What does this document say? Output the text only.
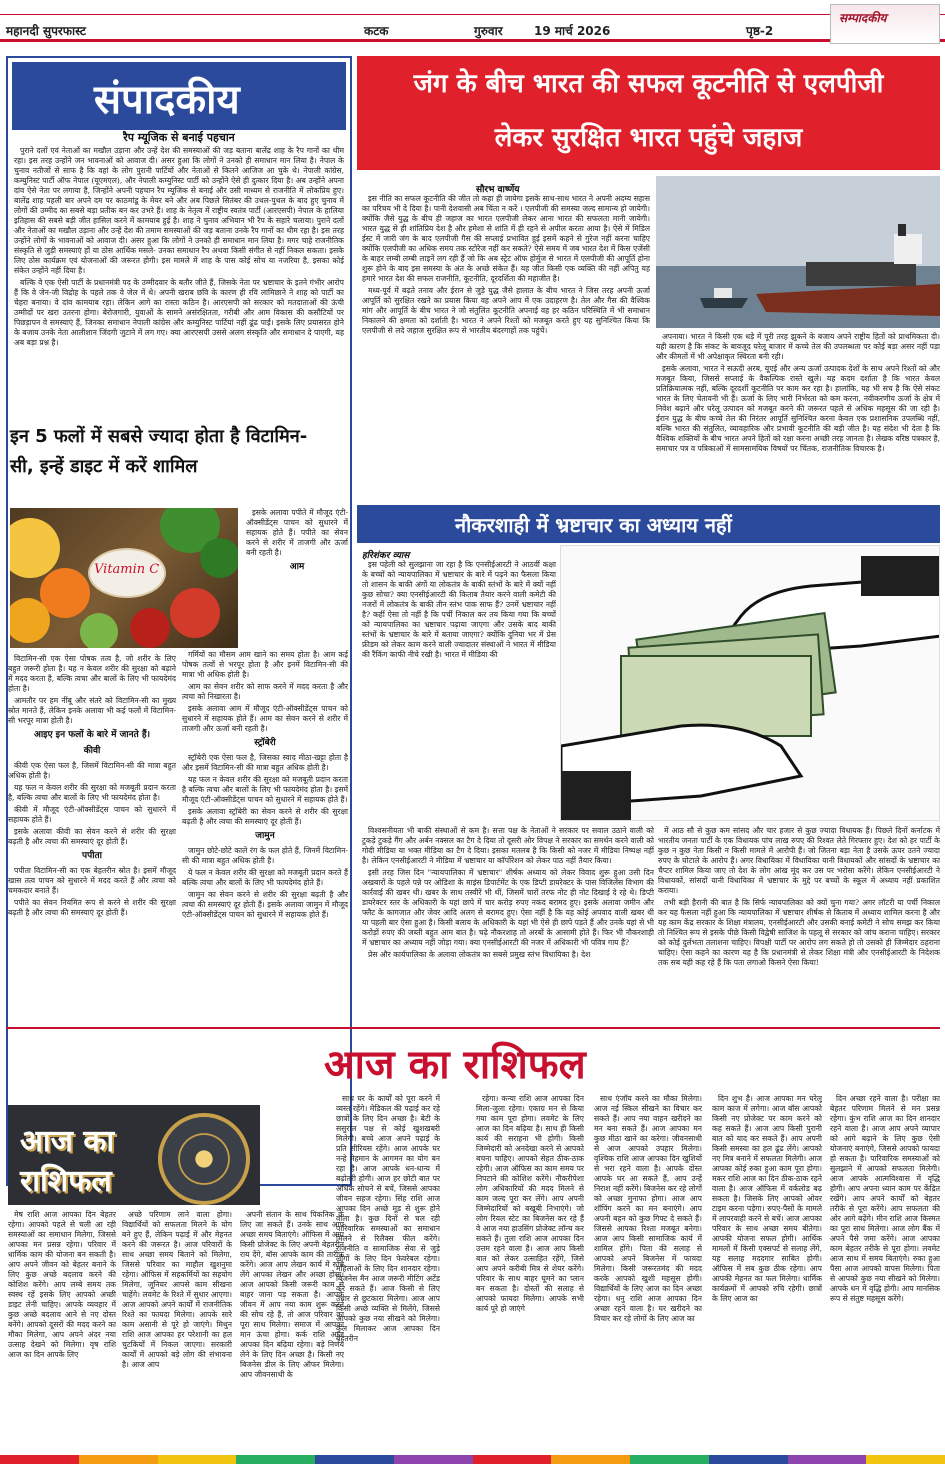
महानदी सुपरफास्ट	कटक	गुरुवार	19 मार्च 2026	पृष्ठ-2
सम्पादकीय
संपादकीय
रैप म्यूजिक से बनाई पहचान

पुराने दलों एवं नेताओं का मखौल उड़ाना और उन्हें देश की समस्याओं की जड़ बताना बालेंद्र शाह के रैप गानों का थीम रहा। इस तरह उन्होंने जन भावनाओं को आवाज दी। असर हुआ कि लोगों ने उनको ही समाधान मान लिया है। नेपाल के चुनाव नतीजों से साफ है कि वहां के लोग पुरानी पार्टियों और नेताओं से कितने आजिज आ चुके थे। नेपाली कांग्रेस, कम्युनिस्ट पार्टी ऑफ नेपाल (यूएमएल), और नेपाली कम्युनिस्ट पार्टी को उन्होंने ऐसे ही दुत्कार दिया है। अब उन्होंने अपना दांव ऐसे नेता पर लगाया है, जिन्होंने अपनी पहचान रैप म्यूजिक से बनाई और उसी माध्यम से राजनीति में लोकप्रिय हुए। बालेंद्र शाह पहली बार अपने दम पर काठमांडू के मेयर बने और अब पिछले सितंबर की उथल-पुथल के बाद हुए चुनाव में लोगों की उम्मीद का सबसे बड़ा प्रतीक बन कर उभरे हैं। शाह के नेतृत्व में राष्ट्रीय स्वतंत्र पार्टी (आरएसपी) नेपाल के हालिया इतिहास की सबसे बड़ी जीत हासिल करने में कामयाब हुई है। शाह ने चुनाव अभियान भी रैप के सहारे चलाया। पुराने दलों और नेताओं का मखौल उड़ाना और उन्हें देश की तमाम समस्याओं की जड़ बताना उनके रैप गानों का थीम रहा है। इस तरह उन्होंने लोगों के भावनाओं को आवाज दी। असर हुआ कि लोगों ने उनको ही समाधान मान लिया है। मगर चाहे राजनीतिक संस्कृति से जुड़ी समस्याएं हों या ठोस आर्थिक मसले- उनका समाधान रैप अथवा किसी संगीत से नहीं निकल सकता। इसके लिए ठोस कार्यक्रम एवं योजनाओं की जरूरत होगी। इस मामले में शाह के पास कोई सोच या नजरिया है, इसका कोई संकेत उन्होंने नहीं दिया है।

बल्कि वे एक ऐसी पार्टी के प्रधानमंत्री पद के उम्मीदवार के बतौर जीते हैं, जिसके नेता पर भ्रष्टाचार के इतने गंभीर आरोप हैं कि वे जेन-जी विद्रोह के पहले तक वे जेल में थे। अपनी खराब छवि के कारण ही रवि लामिछाने ने शाह को पार्टी का चेहरा बनाया। वे दांव कामयाब रहा। लेकिन आगे का रास्ता कठिन है। आरएसपी को सरकार को मतदाताओं की ऊंची उम्मीदों पर खरा उतरना होगा। बेरोजगारी, युवाओं के सामने असंरक्षितता, गरीबी और आम विकास की कसौटियों पर पिछड़ापन वे समस्याएं हैं, जिनका समाधान नेपाली कांग्रेस और कम्युनिस्ट पार्टियां नहीं ढूंढ पाईं। इसके लिए प्रयासरत होने के बजाय उनके नेता आलीशान जिंदगी जुटाने में लग गए। क्या आरएसपी उससे अलग संस्कृति और समाधान दे पाएगी, यह अब बड़ा प्रश्न है।

इन 5 फलों में सबसे ज्यादा होता है विटामिन-
सी, इन्हें डाइट में करें शामिल
Vitamin C

विटामिन-सी एक ऐसा पोषक तत्व है, जो शरीर के लिए बहुत जरूरी होता है। यह न केवल शरीर की सुरक्षा को बढ़ाने में मदद करता है, बल्कि त्वचा और बालों के लिए भी फायदेमंद होता है।

आमतौर पर हम नींबू और संतरे को विटामिन-सी का मुख्य स्रोत मानते हैं, लेकिन इनके अलावा भी कई फलों में विटामिन-सी भरपूर मात्रा होती है।

आइए इन फलों के बारे में जानते हैं।
कीवी

कीवी एक ऐसा फल है, जिसमें विटामिन-सी की मात्रा बहुत अधिक होती है।

यह फल न केवल शरीर की सुरक्षा को मजबूती प्रदान करता है, बल्कि त्वचा और बालों के लिए भी फायदेमंद होता है।

कीवी में मौजूद एंटी-ऑक्सीडेंट्स पाचन को सुधारने में सहायक होते हैं।

इसके अलावा कीवी का सेवन करने से शरीर की सुरक्षा बढ़ती है और त्वचा की समस्याएं दूर होती हैं।

पपीता

पपीता विटामिन-सी का एक बेहतरीन स्रोत है। इसमें मौजूद खास तत्व पाचन को सुधारने में मदद करते हैं और त्वचा को चमकदार बनाते हैं।

पपीते का सेवन नियमित रूप से करने से शरीर की सुरक्षा बढ़ती है और त्वचा की समस्याएं दूर होती हैं।

इसके अलावा पपीते में मौजूद एंटी-ऑक्सीडेंट्स पाचन को सुधारने में सहायक होते हैं। पपीते का सेवन करने से शरीर में ताजगी और ऊर्जा बनी रहती है।

आम

गर्मियों का मौसम आम खाने का समय होता है। आम कई पोषक तत्वों से भरपूर होता है और इनमें विटामिन-सी की मात्रा भी अधिक होती है।

आम का सेवन शरीर को साफ करने में मदद करता है और त्वचा को निखारता है।

इसके अलावा आम में मौजूद एंटी-ऑक्सीडेंट्स पाचन को सुधारने में सहायक होते हैं। आम का सेवन करने से शरीर में ताजगी और ऊर्जा बनी रहती है।

स्ट्रॉबेरी

स्ट्रॉबेरी एक ऐसा फल है, जिसका स्वाद मीठा-खट्टा होता है और इसमें विटामिन-सी की मात्रा बहुत अधिक होती है।

यह फल न केवल शरीर की सुरक्षा को मजबूती प्रदान करता है बल्कि त्वचा और बालों के लिए भी फायदेमंद होता है। इसमें मौजूद एंटी-ऑक्सीडेंट्स पाचन को सुधारने में सहायक होते हैं।

इसके अलावा स्ट्रॉबेरी का सेवन करने से शरीर की सुरक्षा बढ़ती है और त्वचा की समस्याएं दूर होती हैं।

जामुन

जामुन छोटे-छोटे काले रंग के फल होते हैं, जिनमें विटामिन-सी की मात्रा बहुत अधिक होती है।

ये फल न केवल शरीर की सुरक्षा को मजबूती प्रदान करते हैं बल्कि त्वचा और बालों के लिए भी फायदेमंद होते हैं।

जामुन का सेवन करने से शरीर की सुरक्षा बढ़ती है और त्वचा की समस्याएं दूर होती हैं। इसके अलावा जामुन में मौजूद एंटी-ऑक्सीडेंट्स पाचन को सुधारने में सहायक होते हैं।

जंग के बीच भारत की सफल कूटनीति से एलपीजी
लेकर सुरक्षित भारत पहुंचे जहाज
सौरभ वार्ष्णेय

इस नीति का सफल कूटनीति की जीत तो कहा ही जायेगा इसके साथ-साथ भारत ने अपनी अदम्य सहास का परिचय भी दे दिया है। पानी देशवासी अब चिंता न करें । एलपीजी की समस्या जल्द सामान्य हो जायेगी। क्योंकि जैसे युद्ध के बीच ही जहाज का भारत एलपीजी लेकर आना भारत की सफलता मानी जायेगी। भारत युद्ध से ही शांतिप्रिय देश है और हमेशा से शांति में ही रहने से अपील करता आया है। ऐसे में मिडिल ईस्ट में जारी जंग के बाद एलपीजी गैस की सप्लाई प्रभावित हुई इसमें कहने से गुरेज नहीं करना चाहिए क्योंकि एलपीजी का अधिक समय तक स्टोरेज नहीं कर सकते? ऐसे समय में जब भारत देश में किस एजेंसी के बाहर लम्बी लम्बी लाइनें लग रही हैं जो कि अब स्ट्रेट ऑफ होर्मुज से भारत में एलपीजी की आपूर्ति होना शुरू होने के बाद इस समस्या के अंत के अच्छे संकेत हैं। यह जीत किसी एक व्यक्ति की नहीं अपितु यह हमारे भारत देश की सफल राजनीति, कूटनीति, दूरदर्शिता की महाजीत है।

मध्य-पूर्व में बढ़ते तनाव और ईरान से जुड़े युद्ध जैसे हालात के बीच भारत ने जिस तरह अपनी ऊर्जा आपूर्ति को सुरक्षित रखने का प्रयास किया वह अपने आप में एक उदाहरण है। तेल और गैस की वैश्विक मांग और आपूर्ति के बीच भारत ने जो संतुलित कूटनीति अपनाई वह हर कठिन परिस्थिति में भी समाधान निकालने की क्षमता को दर्शाती है। भारत ने अपने रिश्तों को मजबूत करते हुए यह सुनिश्चित किया कि एलपीजी से लदे जहाज सुरक्षित रूप से भारतीय बंदरगाहों तक पहुंचें।

अपनाया। भारत ने किसी एक धड़े में पूरी तरह झुकने के बजाय अपने राष्ट्रीय हितों को प्राथमिकता दी। यही कारण है कि संकट के बावजूद घरेलू बाजार में कच्चे तेल की उपलब्धता पर कोई बड़ा असर नहीं पड़ा और कीमतों में भी अपेक्षाकृत स्थिरता बनी रही।

इसके अलावा, भारत ने सऊदी अरब, यूएई और अन्य ऊर्जा उत्पादक देशों के साथ अपने रिश्तों को और मजबूत किया, जिससे सप्लाई के वैकल्पिक रास्ते खुले। यह कदम दर्शाता है कि भारत केवल प्रतिक्रियात्मक नहीं, बल्कि दूरदर्शी कूटनीति पर काम कर रहा है। हालांकि, यह भी सच है कि ऐसे संकट भारत के लिए चेतावनी भी हैं। ऊर्जा के लिए भारी निर्भरता को कम करना, नवीकरणीय ऊर्जा के क्षेत्र में निवेश बढ़ाने और घरेलू उत्पादन को मजबूत करने की जरूरत पहले से अधिक महसूस की जा रही है। ईरान युद्ध के बीच कच्चे तेल की निरंतर आपूर्ति सुनिश्चित करना केवल एक प्रशासनिक उपलब्धि नहीं, बल्कि भारत की संतुलित, व्यावहारिक और प्रभावी कूटनीति की बड़ी जीत है। यह संदेश भी देता है कि वैश्विक शक्तियों के बीच भारत अपने हितों को रक्षा करना अच्छी तरह जानता है। लेखक वरिष्ठ पत्रकार है, समाचार पत्र व पत्रिकाओं में सामसामयिक विषयों पर चिंतक, राजनीतिक विचारक है।

नौकरशाही में भ्रष्टाचार का अध्याय नहीं
हरिशंकर व्यास

इस पहेली को सुलझाना जा रहा है कि एनसीईआरटी ने आठवीं कक्षा के बच्चों को न्यायपालिका में भ्रष्टाचार के बारे में पढ़ने का फैसला किया तो शासन के बाकी अंगों या लोकतंत्र के बाकी स्तंभों के बारे में क्यों नहीं कुछ सोचा? क्या एनसीईआरटी की किताब तैयार करने वाली कमेटी की नजरों में लोकतंत्र के बाकी तीन स्तंभ पाक साफ हैं? उनमें भ्रष्टाचार नहीं है? कहीं ऐसा तो नहीं है कि पर्ची निकाल कर तय किया गया कि बच्चों को न्यायपालिका का भ्रष्टाचार पढ़ाया जाएगा और उसके बाद बाकी स्तंभों के भ्रष्टाचार के बारे में बताया जाएगा? क्योंकि दुनिया भर में प्रेस फ्रीडम को लेकर काम करने वाली ज्यादातर संस्थाओं ने भारत में मीडिया की रैंकिंग काफी नीचे रखी है। भारत में मीडिया की

विश्वसनीयता भी बाकी संस्थाओं से कम है। सत्ता पक्ष के नेताओं ने सरकार पर सवाल उठाने वाली को टुकड़े टुकड़े गैंग और अर्बन नक्सल का टैग दे दिया तो दूसरी ओर विपक्ष ने सरकार का समर्थन करने वाली को गोदी मीडिया या भक्त मीडिया का टैग दे दिया। इसका मतलब है कि किसी को नजर में मीडिया निष्पक्ष नहीं है। लेकिन एनसीईआरटी ने मीडिया में भ्रष्टाचार या कॉर्पोरेशन को लेकर पाठ नहीं तैयार किया।

इसी तरह जिस दिन "न्यायपालिका में भ्रष्टाचार" शीर्षक अध्याय को लेकर विवाद शुरू हुआ उसी दिन अखबारों के पहले पन्ने पर ओडिशा के माइंस डिपार्टमेंट के एक डिप्टी डायरेक्टर के पास विजिलेंस विभाग की कार्रवाई की खबर थी। खबर के साथ तस्वीरें भी थीं, जिसमें चारों तरफ नोट ही नोट दिखाई दे रहे थे। डिप्टी डायरेक्टर स्तर के अधिकारी के यहां छापे में चार करोड़ रुपए नकद बरामद हुए। इसके अलावा जमीन और फ्लैट के कागजात और जेवर आदि अलग से बरामद हुए। ऐसा नहीं है कि यह कोई अपवाद वाली खबर थी या पहली बार ऐसा हुआ है। किसी बलाय के अधिकारी के यहां भी ऐसे ही छापे पड़ते हैं और उनके यहां से भी करोड़ों रुपए की जब्ती बहुत आम बात है। चढ़े नौकरशाह तो अरबों के आसामी होते हैं। फिर भी नौकरशाही में भ्रष्टाचार का अध्याय नहीं जोड़ा गया। क्या एनसीईआरटी की नजर में अधिकारी भी पवित्र गाय हैं?

प्रेस और कार्यपालिका के अलावा लोकतंत्र का सबसे प्रमुख स्तंभ विधायिका है। देश

में आठ सौ से कुछ कम सांसद और चार हजार से कुछ ज्यादा विधायक हैं। पिछले दिनों कर्नाटक में भारतीय जनता पार्टी के एक विधायक पांच लाख रुपए की रिश्वत लेते गिरफ्तार हुए। देश को हर पार्टी के कुछ न कुछ नेता किसी न किसी मामले में आरोपी हैं। जो जितना बड़ा नेता है उसके ऊपर उतने ज्यादा रुपए के घोटाले के आरोप हैं। अगर विधायिका में विधायिका यानी विधायकों और सांसदों के भ्रष्टाचार का चैप्टर शामिल किया जाए तो देश के लोग आंख मूंद कर उस पर भरोसा करेंगे। लेकिन एनसीईआरटी ने विधायकों, सांसदों यानी विधायिका में भ्रष्टाचार के मुद्दे पर बच्चों के स्कूल में अध्याय नहीं प्रकाशित कराया।

तभी बड़ी हैरानी की बात है कि सिर्फ न्यायपालिका को क्यों चुना गया? अगर लॉटरी या पर्ची निकाल कर यह फैसला नहीं हुआ कि न्यायपालिका में भ्रष्टाचार शीर्षक से किताब में अध्याय शामिल करना है और यह काम केंद्र सरकार के शिक्षा मंत्रालय, एनसीईआरटी और उसकी बनाई कमेटी ने सोच समझ कर किया तो निश्चित रूप से इसके पीछे किसी विद्वेषी साजिश के पहलू से सरकार को जांच कराना चाहिए। सरकार को कोई दुर्लभता तलाशना चाहिए। विपक्षी पार्टी पर आरोप लग सकते हो तो उसको ही जिम्मेदार ठहराना चाहिए। ऐसा कहने का कारण यह है कि प्रधानमंत्री से लेकर शिक्षा मंत्री और एनसीईआरटी के निदेशक तक सब यही कह रहे हैं कि पता लगाओ किसने ऐसा किया!

आज का राशिफल
आज का
राशिफल

मेष राशि आज आपका दिन बेहतर रहेगा। आपको पहले से चली आ रही समस्याओं का समाधान मिलेगा, जिससे आपका मन प्रसन्न रहेगा। परिवार में धार्मिक काम की योजना बन सकती है। आप अपने जीवन को बेहतर बनाने के लिए कुछ अच्छे बदलाव करने की कोशिश करेंगे। आप लम्बे समय तक स्वस्थ रहें इसके लिए आपको अच्छी डाइट लेनी चाहिए। आपके व्यवहार में कुछ अच्छे बदलाव आने से नए दोस्त बनेंगे। आपको दूसरों की मदद करने का मौका मिलेगा, आप अपने अंदर नया उत्साह देखने को मिलेगा। वृष राशि आज का दिन आपके लिए

अच्छे परिणाम लाने वाला होगा। विद्यार्थियों को सफलता मिलने के योग बने हुए हैं, लेकिन पढ़ाई में और मेहनत करने की जरूरत है। आज परिवारों के साथ अच्छा समय बिताने को मिलेगा, जिससे परिवार का माहौल खुशनुमा रहेगा। ऑफिस में सहकर्मियों का सहयोग मिलेगा, जूनियर आपसे काम सीखना चाहेंगे। लवमेट के रिश्ते में सुधार आएगा। आज आपको अपने कार्यों में राजनीतिक रिश्ते का फायदा मिलेगा। आपके सारे काम असानी से पूरे हो जाएंगे। मिथुन राशि आज आपका हर परेशानी का हल चुटकियों में निकल जाएगा। सरकारी कार्यों में आपको बड़े लोग की संभावना है। आज आप

अपनी संतान के साथ पिकनिक के लिए जा सकते हैं। उनके साथ आप अच्छा समय बिताएंगे। ऑफिस में आप किसी प्रोजेक्ट के लिए अपनी बेहतरीन राय देंगे, बॉस आपके काम की तारीफ करेंगे। आज आप लेखन कार्य में रुचि लेंगे आपका लेखन और अच्छा होगा। आज आपको किसी जरूरी काम से बाहर जाना पड़ सकता है। आपके जीवन में आप नया काम शुरू करने की सोच रहे हैं, तो आज परिवार का पूरा साथ मिलेगा। समाज में आपका मान ऊंचा होगा। कर्क राशि आज आपका दिन बढ़िया रहेगा। बड़े निर्णय लेने के लिए दिन अच्छा है। किसी नए बिजनेस डील के लिए ऑफर मिलेगा। आप जीवनसाथी के

साथ घर के कार्यों को पूरा करने में व्यस्त रहेंगे। मेडिकल की पढ़ाई कर रहे छात्रों के लिए दिन अच्छा है। बेटी के ससुराल पक्ष से कोई खुशखबरी मिलेगी। बच्चे आज अपने पढ़ाई के प्रति सीरियस रहेंगे। आज आपके घर नन्हे मेहमान के आगमन का योग बन रहा है। आज आपके धन-धान्य में बढ़ोतरी होगी। आज हर छोटी बात पर अधिक सोचने से बचें, जिससे आपका जीवन सहज रहेगा। सिंह राशि आज आपका दिन अच्छे मूड से शुरू होने वाला है। कुछ दिनों से चल रही पारिवारिक समस्याओं का समाधान मिलने से रिलैक्स फील करेंगे। राजनीति व सामाजिक सेवा से जुड़े लोगों के लिए दिन फेवरेबल रहेगा। महिलाओं के लिए दिन शानदार रहेगा। बिजनेस मैन आज जरूरी मीटिंग अटेंड कर सकते हैं। आज किसी से लिए उधार से छुटकारा मिलेगा। आज आप किसी अच्छे व्यक्ति से मिलेंगे, जिससे आपको कुछ नया सीखने को मिलेगा। कुल मिलाकर आज आपका दिन बेहतरीन

रहेगा। कन्या राशि आज आपका दिन मिला-जुला रहेगा। एकाग्र मन से किया गया काम पूरा होगा। लवमेट के लिए आज का दिन बढ़िया है। साथ ही किसी कार्य की सराहना भी होगी। किसी जिम्मेदारी को अनदेखा करने से आपको बचना चाहिए। आपको सेहत ठीक-ठाक रहेगी। आज ऑफिस का काम समय पर निपटाने की कोशिश करेंगे। नौकरीपेशा लोग अधिकारियों की मदद मिलने से काम जल्द पूरा कर लेंगे। आप अपनी जिम्मेदारियों को बखूबी निभाएंगे। जो लोग रियल स्टेट का बिजनेस कर रहे हैं वे आज नया हाउसिंग प्रोजेक्ट लॉन्च कर सकते हैं। तुला राशि आज आपका दिन उत्तम रहने वाला है। आज आप किसी बात को लेकर उत्साहित रहेंगे, जिसे आप अपने करीबी मित्र से शेयर करेंगे। परिवार के साथ बाहर घूमने का प्लान बन सकता है। दोस्तों की सलाह से आपको फायदा मिलेगा। आपके सभी कार्य पूरे हो जाएंगे

साथ एंजॉय करने का मौका मिलेगा। आज नई स्किल सीखने का विचार कर सकते हैं। आप नया वाहन खरीदने का मन बना सकते हैं। आज आपका मन कुछ मीठा खाने का करेगा। जीवनसाथी से आज आपको उपहार मिलेगा। वृश्चिक राशि आज आपका दिन खुशियों से भरा रहने वाला है। आपके दोस्त आपके घर आ सकते हैं, आप उन्हें निराश नहीं करेंगे। बिजनेस कर रहे लोगों को अच्छा मुनाफा होगा। आज आप शॉपिंग करने का मन बनाएंगे। आप अपनी बहन को कुछ गिफ्ट दे सकते हैं। जिससे आपका रिश्ता मजबूत बनेगा। आज आप किसी सामाजिक कार्य में शामिल होंगे। पिता की सलाह से आपको अपने बिजनेस में फायदा मिलेगा। किसी जरूरतमंद की मदद करके आपको खुशी महसूस होगी। विद्यार्थियों के लिए आज का दिन अच्छा रहेगा। धनु राशि आज आपका दिन अच्छा रहने वाला है। घर खरीदने का विचार कर रहे लोगों के लिए आज का

दिन शुभ है। आज आपका मन घरेलू काम काज में लगेगा। आज बॉस आपको किसी नए प्रोजेक्ट पर काम करने को कह सकते हैं। आज आप किसी पुरानी बात को याद कर सकते हैं। आप अपनी किसी समस्या का हल ढूंढ लेंगे। आपको नए मित्र बनाने में सफलता मिलेगी। आज आपका कोई रुका हुआ काम पूरा होगा। मकर राशि आज का दिन ठीक-ठाक रहने वाला है। आज ऑफिस में वर्कलोड बढ़ सकता है। जिसके लिए आपको ओवर टाइम करना पड़ेगा। रुपए-पैसों के मामले में लापरवाही करने से बचें। आज आपका परिवार के साथ अच्छा समय बीतेगा। आपकी योजना सफल होगी। आर्थिक मामलों में किसी एक्सपर्ट से सलाह लेंगे, यह सलाह मददगार साबित होगी। ऑफिस में सब कुछ ठीक रहेगा। आप आपकी मेहनत का फल मिलेगा। धार्मिक कार्यक्रमों में आपको रुचि रहेगी। छात्रों के लिए आज का

दिन अच्छा रहने वाला है। परीक्षा का बेहतर परिणाम मिलने से मन प्रसन्न रहेगा। कुंभ राशि आज का दिन शानदार रहने वाला है। आज आप अपने व्यापार को आगे बढ़ाने के लिए कुछ ऐसी योजनाएं बनाएंगे, जिससे आपको फायदा हो सकता है। पारिवारिक समस्याओं को सुलझाने में आपको सफलता मिलेगी। आज आपके आत्मविश्वास में वृद्धि होगी। आप अपना ध्यान काम पर केंद्रित रखेंगे। आप अपने कार्यों को बेहतर तरीके से पूरा करेंगे। आप सफलता की ओर आगे बढ़ेंगे। मीन राशि आज किस्मत का पूरा साथ मिलेगा। आज लोग बैंक में अपने पैसे जमा करेंगे। आज आपका काम बेहतर तरीके से पूरा होगा। लवमेट आज साथ में समय बिताएंगे। रुका हुआ पैसा आज आपको वापस मिलेगा। पिता से आपको कुछ नया सीखने को मिलेगा। आपके धन में वृद्धि होगी। आप मानसिक रूप से संतुष्ट महसूस करेंगे।
